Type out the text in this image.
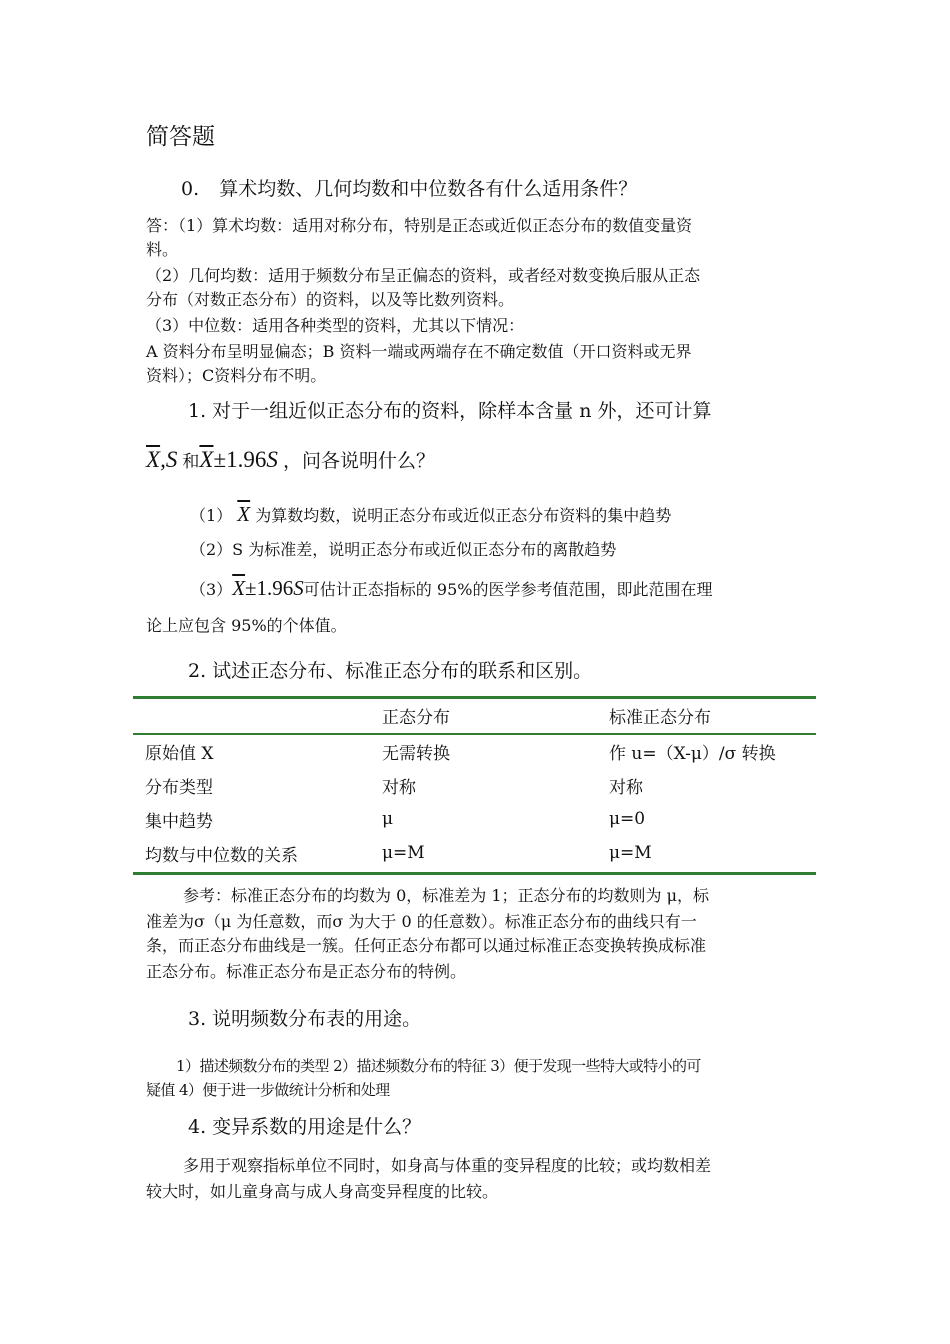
简答题
0. 算术均数、几何均数和中位数各有什么适用条件？
答：（1）算术均数：适用对称分布，特别是正态或近似正态分布的数值变量资
料。
（2）几何均数：适用于频数分布呈正偏态的资料，或者经对数变换后服从正态
分布（对数正态分布）的资料，以及等比数列资料。
（3）中位数：适用各种类型的资料，尤其以下情况：
A 资料分布呈明显偏态；B 资料一端或两端存在不确定数值（开口资料或无界
资料）；C资料分布不明。
1. 对于一组近似正态分布的资料，除样本含量 n 外，还可计算
$\overline{X},S$ 和$\overline{X}\pm 1.96S$ ，问各说明什么？
（1） $\overline{X}$ 为算数均数，说明正态分布或近似正态分布资料的集中趋势
（2）S 为标准差，说明正态分布或近似正态分布的离散趋势
$(3)\overline{X}\pm 1.96S$可估计正态指标的 95%的医学参考值范围，即此范围在理
论上应包含 95%的个体值。
2. 试述正态分布、标准正态分布的联系和区别。
	正态分布	标准正态分布
原始值 X	无需转换	作 u=（X-μ）/σ 转换
分布类型	对称	对称
集中趋势	μ	μ=0
均数与中位数的关系	μ=M	μ=M
参考：标准正态分布的均数为 0，标准差为 1；正态分布的均数则为 μ，标
准差为σ（μ 为任意数，而σ 为大于 0 的任意数）。标准正态分布的曲线只有一
条，而正态分布曲线是一簇。任何正态分布都可以通过标准正态变换转换成标准
正态分布。标准正态分布是正态分布的特例。
3. 说明频数分布表的用途。
1）描述频数分布的类型 2）描述频数分布的特征 3）便于发现一些特大或特小的可
疑值 4）便于进一步做统计分析和处理
4. 变异系数的用途是什么？
多用于观察指标单位不同时，如身高与体重的变异程度的比较；或均数相差
较大时，如儿童身高与成人身高变异程度的比较。
